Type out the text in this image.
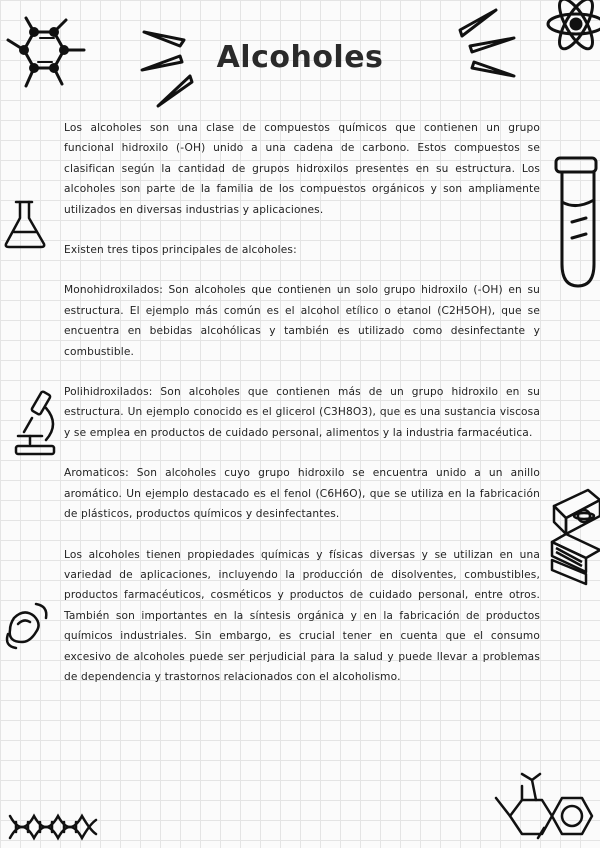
Alcoholes

Los alcoholes son una clase de compuestos químicos que contienen un grupo funcional hidroxilo (-OH) unido a una cadena de carbono. Estos compuestos se clasifican según la cantidad de grupos hidroxilos presentes en su estructura. Los alcoholes son parte de la familia de los compuestos orgánicos y son ampliamente utilizados en diversas industrias y aplicaciones.

Existen tres tipos principales de alcoholes:

Monohidroxilados: Son alcoholes que contienen un solo grupo hidroxilo (-OH) en su estructura. El ejemplo más común es el alcohol etílico o etanol (C2H5OH), que se encuentra en bebidas alcohólicas y también es utilizado como desinfectante y combustible.

Polihidroxilados: Son alcoholes que contienen más de un grupo hidroxilo en su estructura. Un ejemplo conocido es el glicerol (C3H8O3), que es una sustancia viscosa y se emplea en productos de cuidado personal, alimentos y la industria farmacéutica.

Aromaticos: Son alcoholes cuyo grupo hidroxilo se encuentra unido a un anillo aromático. Un ejemplo destacado es el fenol (C6H6O), que se utiliza en la fabricación de plásticos, productos químicos y desinfectantes.

Los alcoholes tienen propiedades químicas y físicas diversas y se utilizan en una variedad de aplicaciones, incluyendo la producción de disolventes, combustibles, productos farmacéuticos, cosméticos y productos de cuidado personal, entre otros. También son importantes en la síntesis orgánica y en la fabricación de productos químicos industriales. Sin embargo, es crucial tener en cuenta que el consumo excesivo de alcoholes puede ser perjudicial para la salud y puede llevar a problemas de dependencia y trastornos relacionados con el alcoholismo.
